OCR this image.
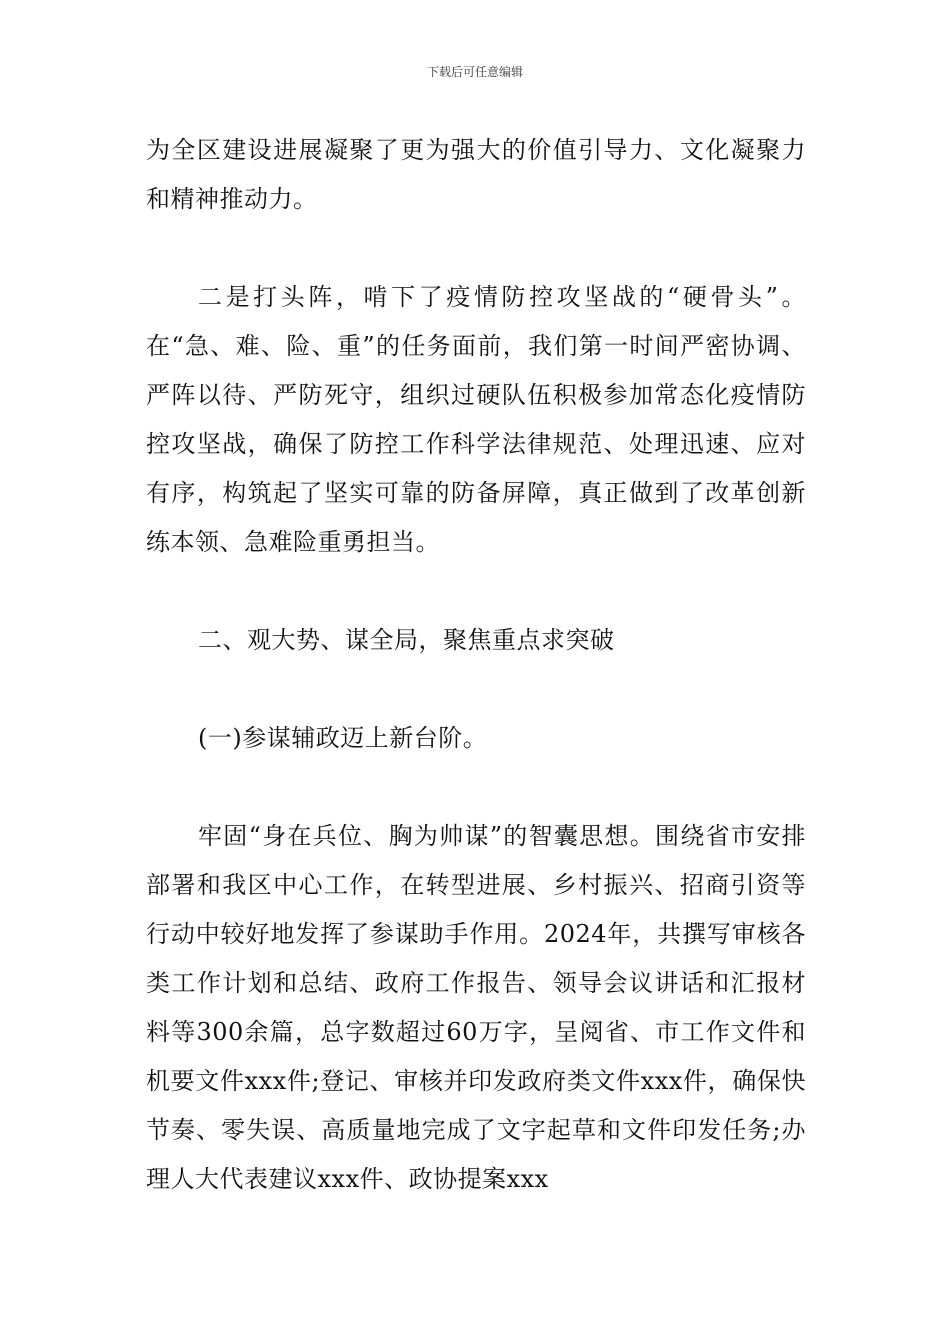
下载后可任意编辑

为全区建设进展凝聚了更为强大的价值引导力、文化凝聚力和精神推动力。

二是打头阵，啃下了疫情防控攻坚战的“硬骨头”。在“急、难、险、重”的任务面前，我们第一时间严密协调、严阵以待、严防死守，组织过硬队伍积极参加常态化疫情防控攻坚战，确保了防控工作科学法律规范、处理迅速、应对有序，构筑起了坚实可靠的防备屏障，真正做到了改革创新练本领、急难险重勇担当。

二、观大势、谋全局，聚焦重点求突破

(一)参谋辅政迈上新台阶。

牢固“身在兵位、胸为帅谋”的智囊思想。围绕省市安排部署和我区中心工作，在转型进展、乡村振兴、招商引资等行动中较好地发挥了参谋助手作用。2024年，共撰写审核各类工作计划和总结、政府工作报告、领导会议讲话和汇报材料等300余篇，总字数超过60万字，呈阅省、市工作文件和机要文件xxx件;登记、审核并印发政府类文件xxx件，确保快节奏、零失误、高质量地完成了文字起草和文件印发任务;办理人大代表建议xxx件、政协提案xxx
